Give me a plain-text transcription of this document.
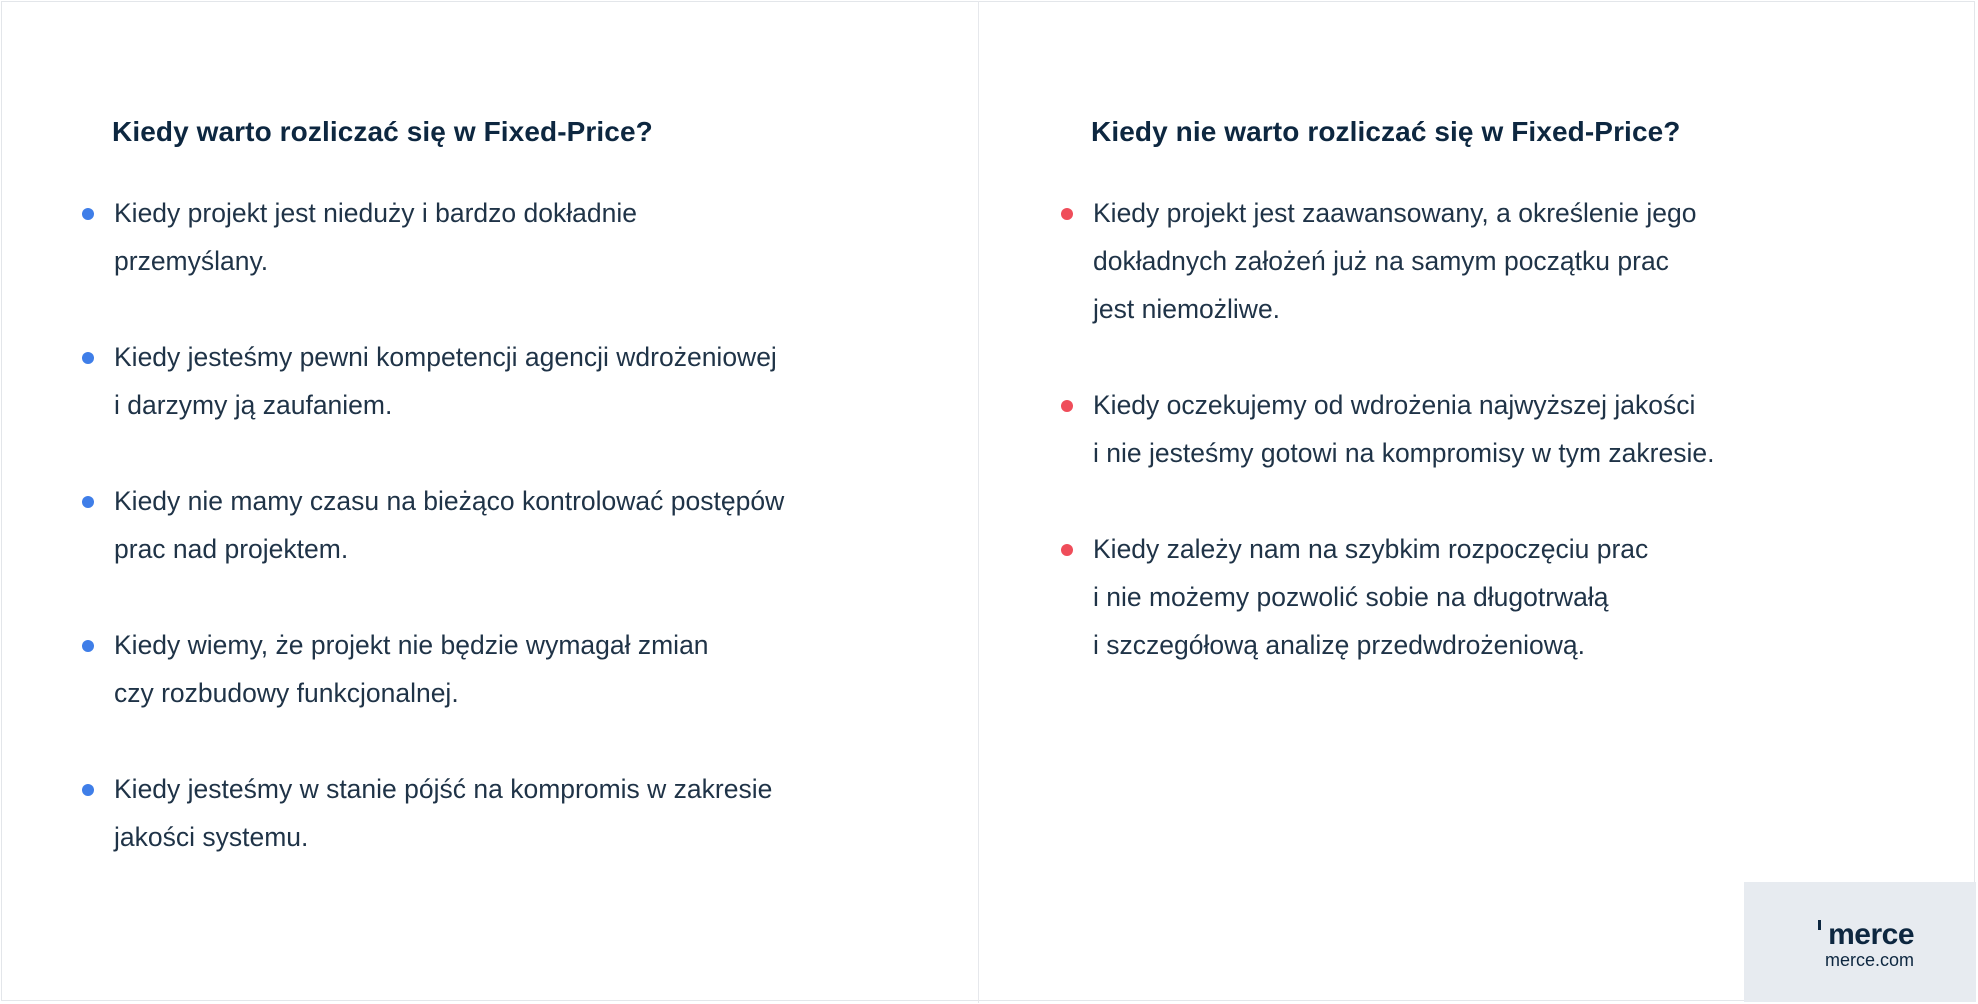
Kiedy warto rozliczać się w Fixed-Price?
Kiedy projekt jest nieduży i bardzo dokładnie
przemyślany.
Kiedy jesteśmy pewni kompetencji agencji wdrożeniowej
i darzymy ją zaufaniem.
Kiedy nie mamy czasu na bieżąco kontrolować postępów
prac nad projektem.
Kiedy wiemy, że projekt nie będzie wymagał zmian
czy rozbudowy funkcjonalnej.
Kiedy jesteśmy w stanie pójść na kompromis w zakresie
jakości systemu.
Kiedy nie warto rozliczać się w Fixed-Price?
Kiedy projekt jest zaawansowany, a określenie jego
dokładnych założeń już na samym początku prac
jest niemożliwe.
Kiedy oczekujemy od wdrożenia najwyższej jakości
i nie jesteśmy gotowi na kompromisy w tym zakresie.
Kiedy zależy nam na szybkim rozpoczęciu prac
i nie możemy pozwolić sobie na długotrwałą
i szczegółową analizę przedwdrożeniową.
merce
merce.com
